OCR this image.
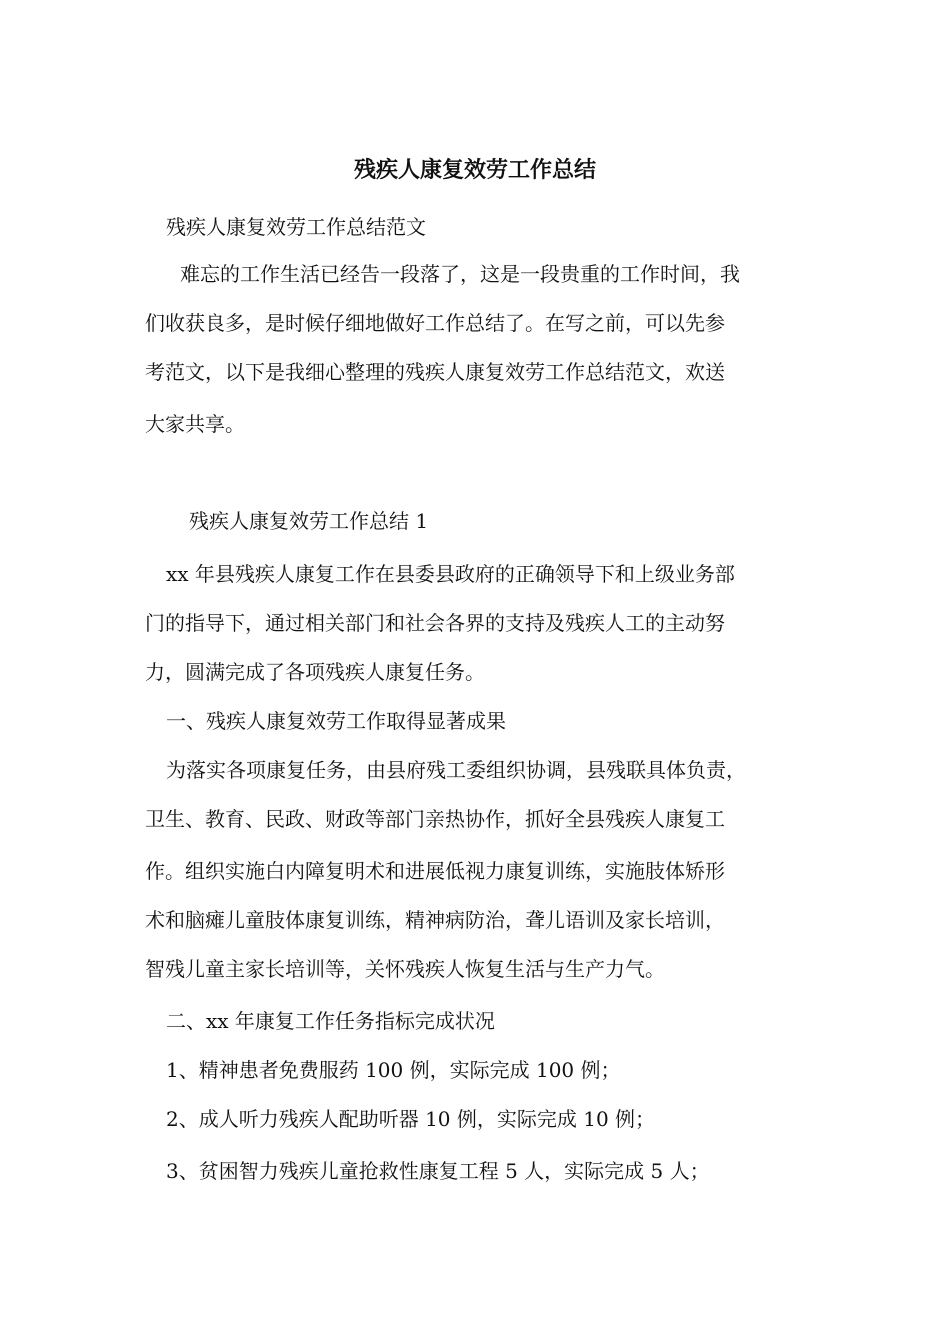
残疾人康复效劳工作总结

残疾人康复效劳工作总结范文

难忘的工作生活已经告一段落了，这是一段贵重的工作时间，我

们收获良多，是时候仔细地做好工作总结了。在写之前，可以先参

考范文，以下是我细心整理的残疾人康复效劳工作总结范文，欢送

大家共享。

残疾人康复效劳工作总结 1

xx 年县残疾人康复工作在县委县政府的正确领导下和上级业务部

门的指导下，通过相关部门和社会各界的支持及残疾人工的主动努

力，圆满完成了各项残疾人康复任务。

一、残疾人康复效劳工作取得显著成果

为落实各项康复任务，由县府残工委组织协调，县残联具体负责，

卫生、教育、民政、财政等部门亲热协作，抓好全县残疾人康复工

作。组织实施白内障复明术和进展低视力康复训练，实施肢体矫形

术和脑瘫儿童肢体康复训练，精神病防治，聋儿语训及家长培训，

智残儿童主家长培训等，关怀残疾人恢复生活与生产力气。

二、xx 年康复工作任务指标完成状况

1、精神患者免费服药 100 例，实际完成 100 例；

2、成人听力残疾人配助听器 10 例，实际完成 10 例；

3、贫困智力残疾儿童抢救性康复工程 5 人，实际完成 5 人；
